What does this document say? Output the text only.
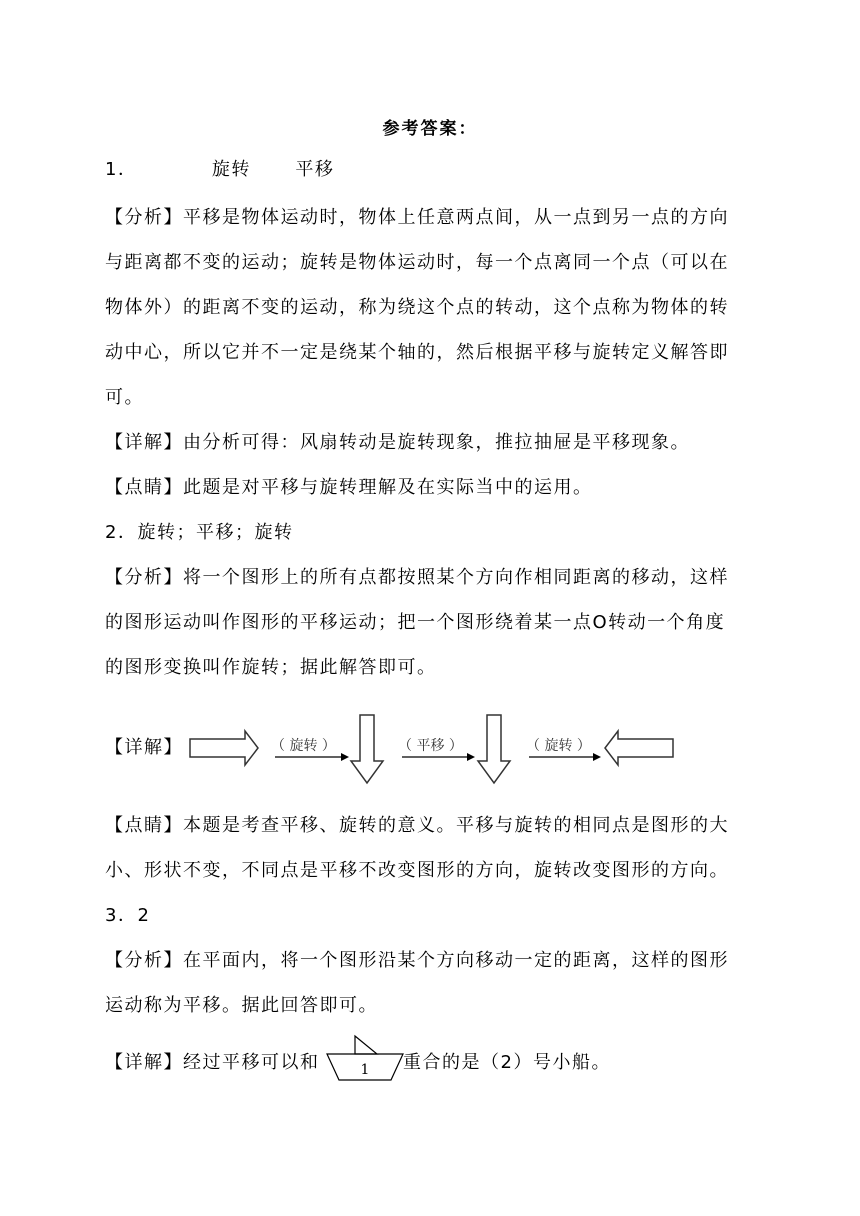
参考答案：
1．	旋转 平移
【分析】平移是物体运动时，物体上任意两点间，从一点到另一点的方向
与距离都不变的运动；旋转是物体运动时，每一个点离同一个点（可以在
物体外）的距离不变的运动，称为绕这个点的转动，这个点称为物体的转
动中心，所以它并不一定是绕某个轴的，然后根据平移与旋转定义解答即
可。
【详解】由分析可得：风扇转动是旋转现象，推拉抽屉是平移现象。
【点睛】此题是对平移与旋转理解及在实际当中的运用。
2．旋转；平移；旋转
【分析】将一个图形上的所有点都按照某个方向作相同距离的移动，这样
的图形运动叫作图形的平移运动；把一个图形绕着某一点O转动一个角度
的图形变换叫作旋转；据此解答即可。
【详解】	（ 旋转 ）	（ 平移 ）	（ 旋转 ）
【点睛】本题是考查平移、旋转的意义。平移与旋转的相同点是图形的大
小、形状不变，不同点是平移不改变图形的方向，旋转改变图形的方向。
3．2
【分析】在平面内，将一个图形沿某个方向移动一定的距离，这样的图形
运动称为平移。据此回答即可。
【详解】经过平移可以和	1 重合的是（2）号小船。
